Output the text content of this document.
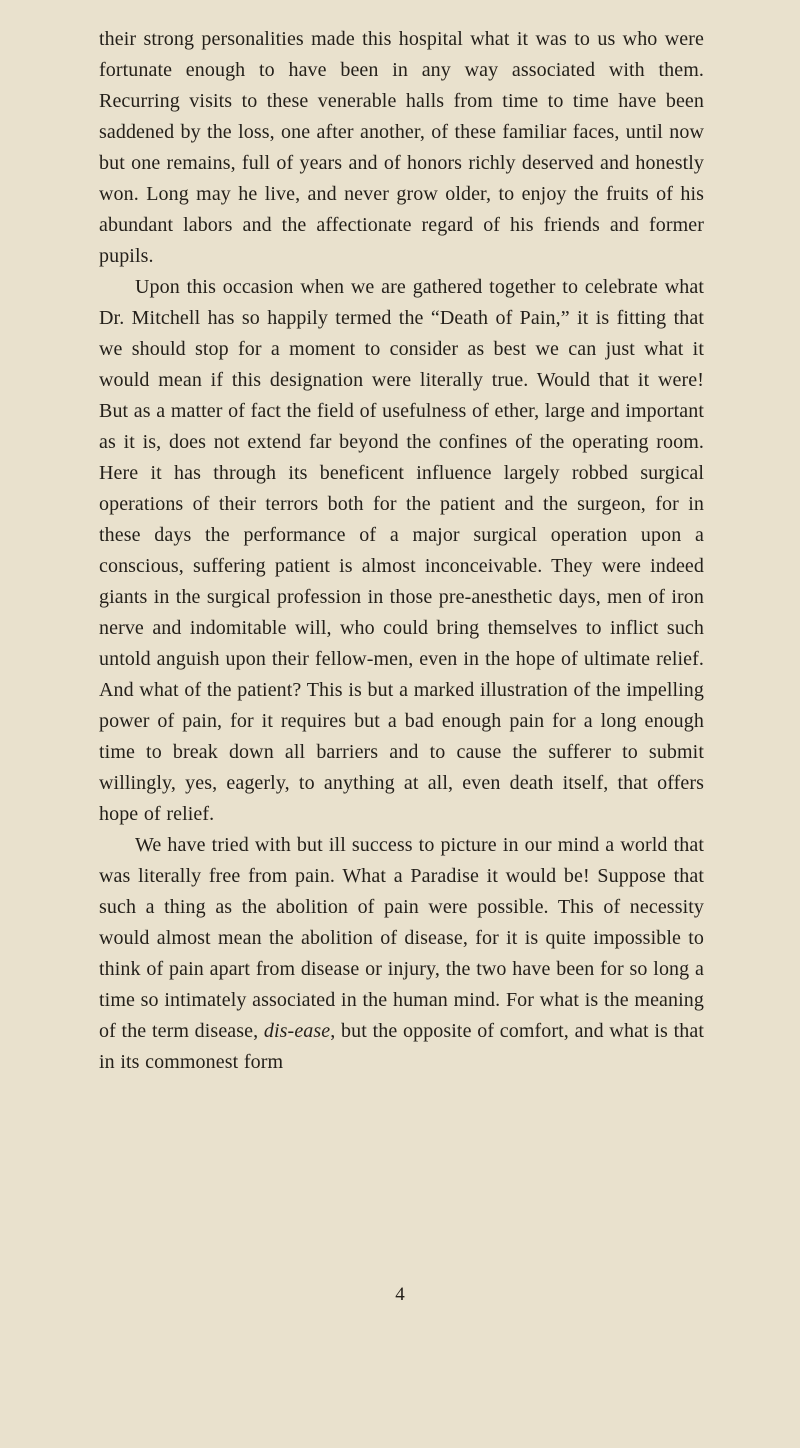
their strong personalities made this hospital what it was to us who were fortunate enough to have been in any way associated with them. Recurring visits to these venerable halls from time to time have been saddened by the loss, one after another, of these familiar faces, until now but one remains, full of years and of honors richly deserved and honestly won. Long may he live, and never grow older, to enjoy the fruits of his abundant labors and the affectionate regard of his friends and former pupils.

Upon this occasion when we are gathered together to celebrate what Dr. Mitchell has so happily termed the “Death of Pain,” it is fitting that we should stop for a moment to consider as best we can just what it would mean if this designation were literally true. Would that it were! But as a matter of fact the field of usefulness of ether, large and important as it is, does not extend far beyond the confines of the operating room. Here it has through its beneficent influence largely robbed surgical operations of their terrors both for the patient and the surgeon, for in these days the performance of a major surgical operation upon a conscious, suffering patient is almost inconceivable. They were indeed giants in the surgical profession in those pre-anesthetic days, men of iron nerve and indomitable will, who could bring themselves to inflict such untold anguish upon their fellow-men, even in the hope of ultimate relief. And what of the patient? This is but a marked illustration of the impelling power of pain, for it requires but a bad enough pain for a long enough time to break down all barriers and to cause the sufferer to submit willingly, yes, eagerly, to anything at all, even death itself, that offers hope of relief.

We have tried with but ill success to picture in our mind a world that was literally free from pain. What a Paradise it would be! Suppose that such a thing as the abolition of pain were possible. This of necessity would almost mean the abolition of disease, for it is quite impossible to think of pain apart from disease or injury, the two have been for so long a time so intimately associated in the human mind. For what is the meaning of the term disease, dis-ease, but the opposite of comfort, and what is that in its commonest form

4
